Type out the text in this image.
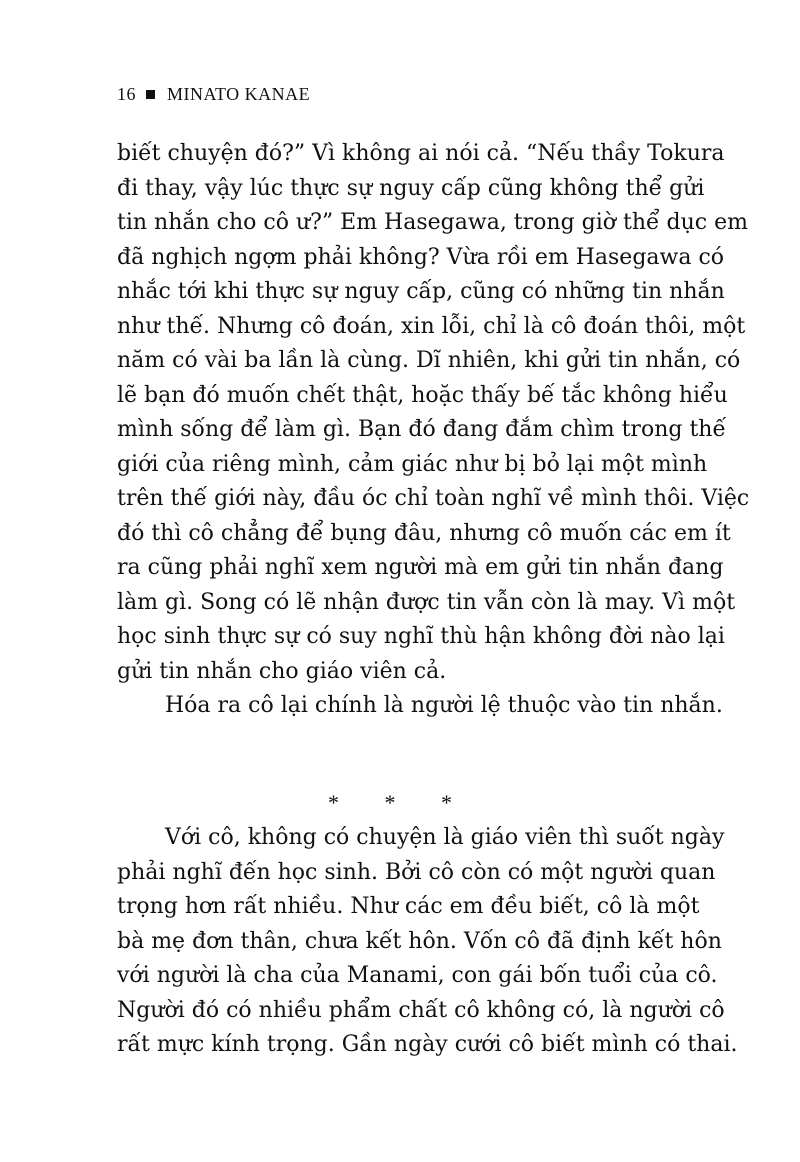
16 MINATO KANAE
biết chuyện đó?” Vì không ai nói cả. “Nếu thầy Tokura
đi thay, vậy lúc thực sự nguy cấp cũng không thể gửi
tin nhắn cho cô ư?” Em Hasegawa, trong giờ thể dục em
đã nghịch ngợm phải không? Vừa rồi em Hasegawa có
nhắc tới khi thực sự nguy cấp, cũng có những tin nhắn
như thế. Nhưng cô đoán, xin lỗi, chỉ là cô đoán thôi, một
năm có vài ba lần là cùng. Dĩ nhiên, khi gửi tin nhắn, có
lẽ bạn đó muốn chết thật, hoặc thấy bế tắc không hiểu
mình sống để làm gì. Bạn đó đang đắm chìm trong thế
giới của riêng mình, cảm giác như bị bỏ lại một mình
trên thế giới này, đầu óc chỉ toàn nghĩ về mình thôi. Việc
đó thì cô chẳng để bụng đâu, nhưng cô muốn các em ít
ra cũng phải nghĩ xem người mà em gửi tin nhắn đang
làm gì. Song có lẽ nhận được tin vẫn còn là may. Vì một
học sinh thực sự có suy nghĩ thù hận không đời nào lại
gửi tin nhắn cho giáo viên cả.
Hóa ra cô lại chính là người lệ thuộc vào tin nhắn.
* * *
Với cô, không có chuyện là giáo viên thì suốt ngày
phải nghĩ đến học sinh. Bởi cô còn có một người quan
trọng hơn rất nhiều. Như các em đều biết, cô là một
bà mẹ đơn thân, chưa kết hôn. Vốn cô đã định kết hôn
với người là cha của Manami, con gái bốn tuổi của cô.
Người đó có nhiều phẩm chất cô không có, là người cô
rất mực kính trọng. Gần ngày cưới cô biết mình có thai.
